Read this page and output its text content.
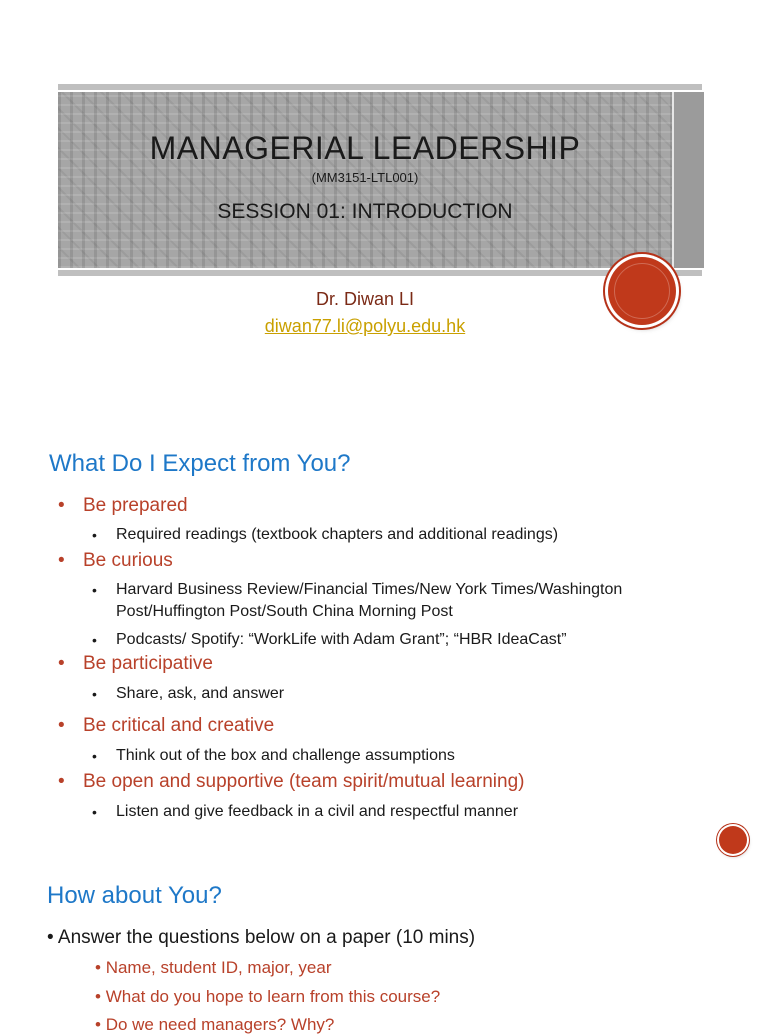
MANAGERIAL LEADERSHIP
(MM3151-LTL001)
SESSION 01: INTRODUCTION
Dr. Diwan LI
diwan77.li@polyu.edu.hk
What Do I Expect from You?
• Be prepared
• Required readings (textbook chapters and additional readings)
• Be curious
• Harvard Business Review/Financial Times/New York Times/Washington Post/Huffington Post/South China Morning Post
• Podcasts/ Spotify: “WorkLife with Adam Grant”; “HBR IdeaCast”
• Be participative
• Share, ask, and answer
• Be critical and creative
• Think out of the box and challenge assumptions
• Be open and supportive (team spirit/mutual learning)
• Listen and give feedback in a civil and respectful manner
How about You?
• Answer the questions below on a paper (10 mins)
• Name, student ID, major, year
• What do you hope to learn from this course?
• Do we need managers? Why?
